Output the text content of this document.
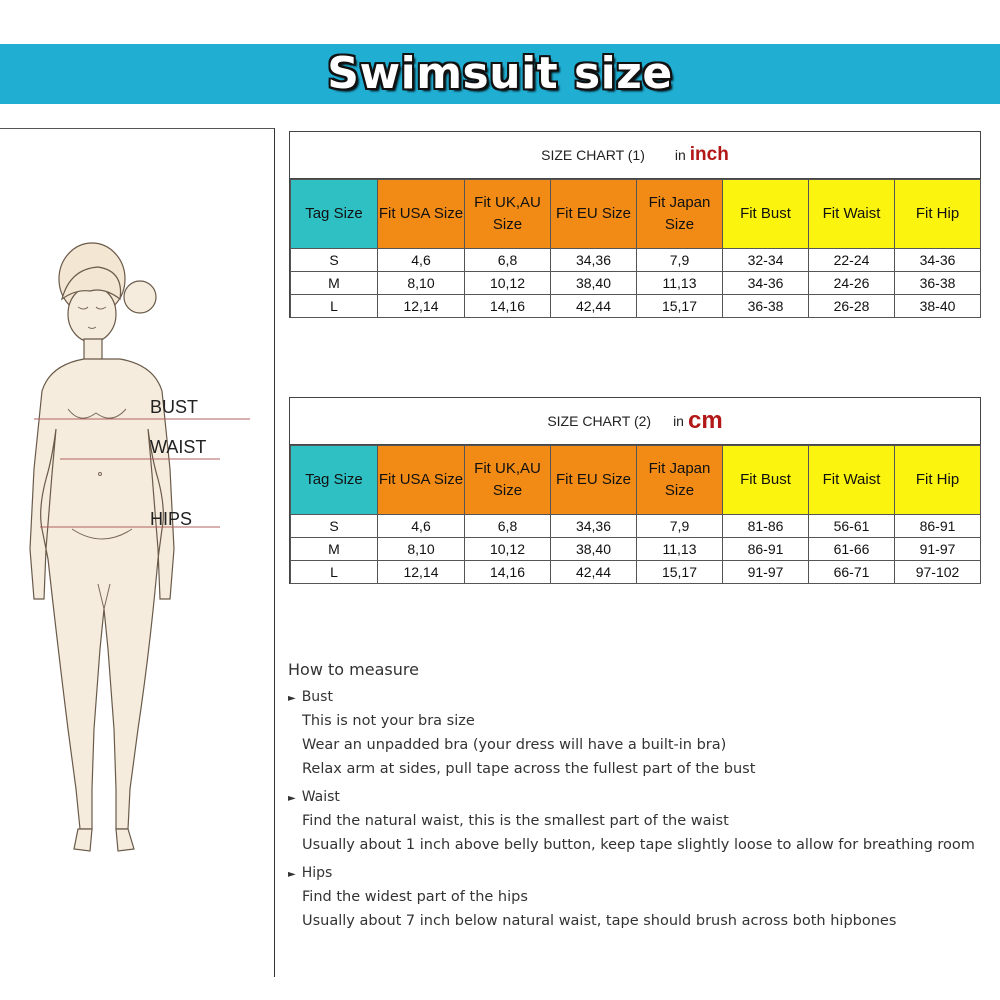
Swimsuit size
BUST
WAIST
HIPS
SIZE CHART (1) in inch
Tag Size	Fit USA Size	Fit UK,AU Size	Fit EU Size	Fit Japan Size	Fit Bust	Fit Waist	Fit Hip
S	4,6	6,8	34,36	7,9	32-34	22-24	34-36
M	8,10	10,12	38,40	11,13	34-36	24-26	36-38
L	12,14	14,16	42,44	15,17	36-38	26-28	38-40
SIZE CHART (2) in cm
Tag Size	Fit USA Size	Fit UK,AU Size	Fit EU Size	Fit Japan Size	Fit Bust	Fit Waist	Fit Hip
S	4,6	6,8	34,36	7,9	81-86	56-61	86-91
M	8,10	10,12	38,40	11,13	86-91	61-66	91-97
L	12,14	14,16	42,44	15,17	91-97	66-71	97-102
How to measure
► Bust
This is not your bra size
Wear an unpadded bra (your dress will have a built-in bra)
Relax arm at sides, pull tape across the fullest part of the bust
► Waist
Find the natural waist, this is the smallest part of the waist
Usually about 1 inch above belly button, keep tape slightly loose to allow for breathing room
► Hips
Find the widest part of the hips
Usually about 7 inch below natural waist, tape should brush across both hipbones
